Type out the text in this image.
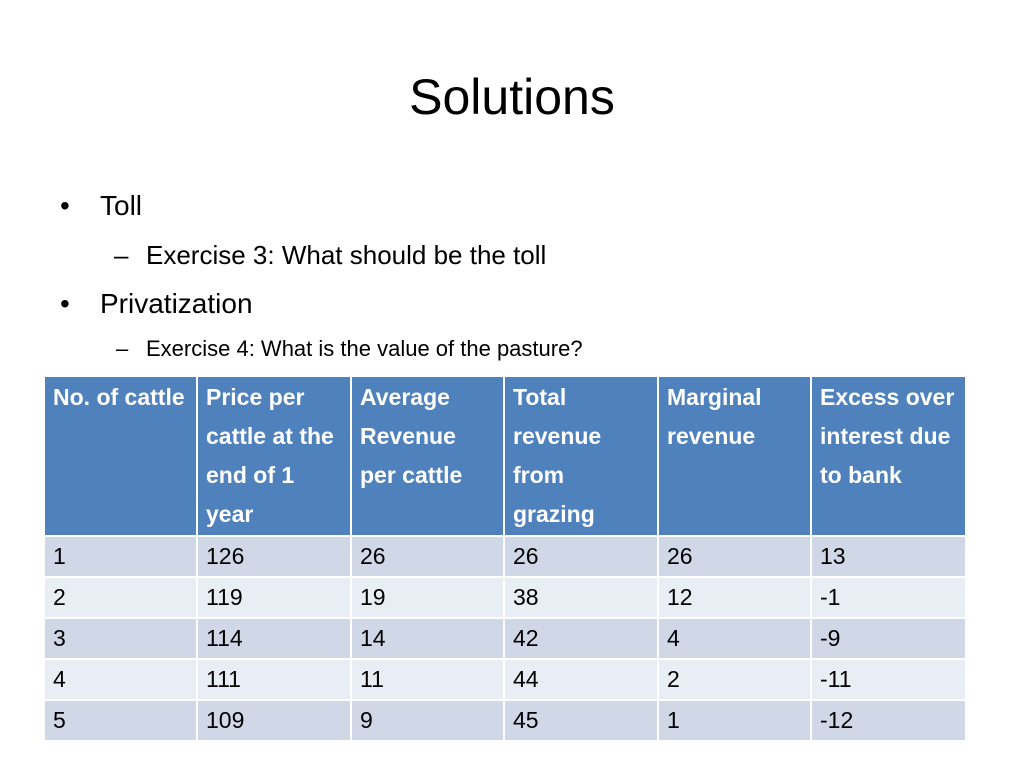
Solutions
• Toll
– Exercise 3: What should be the toll
• Privatization
– Exercise 4: What is the value of the pasture?
No. of cattle	Price per cattle at the end of 1 year	Average Revenue per cattle	Total revenue from grazing	Marginal revenue	Excess over interest due to bank
1	126	26	26	26	13
2	119	19	38	12	-1
3	114	14	42	4	-9
4	111	11	44	2	-11
5	109	9	45	1	-12
